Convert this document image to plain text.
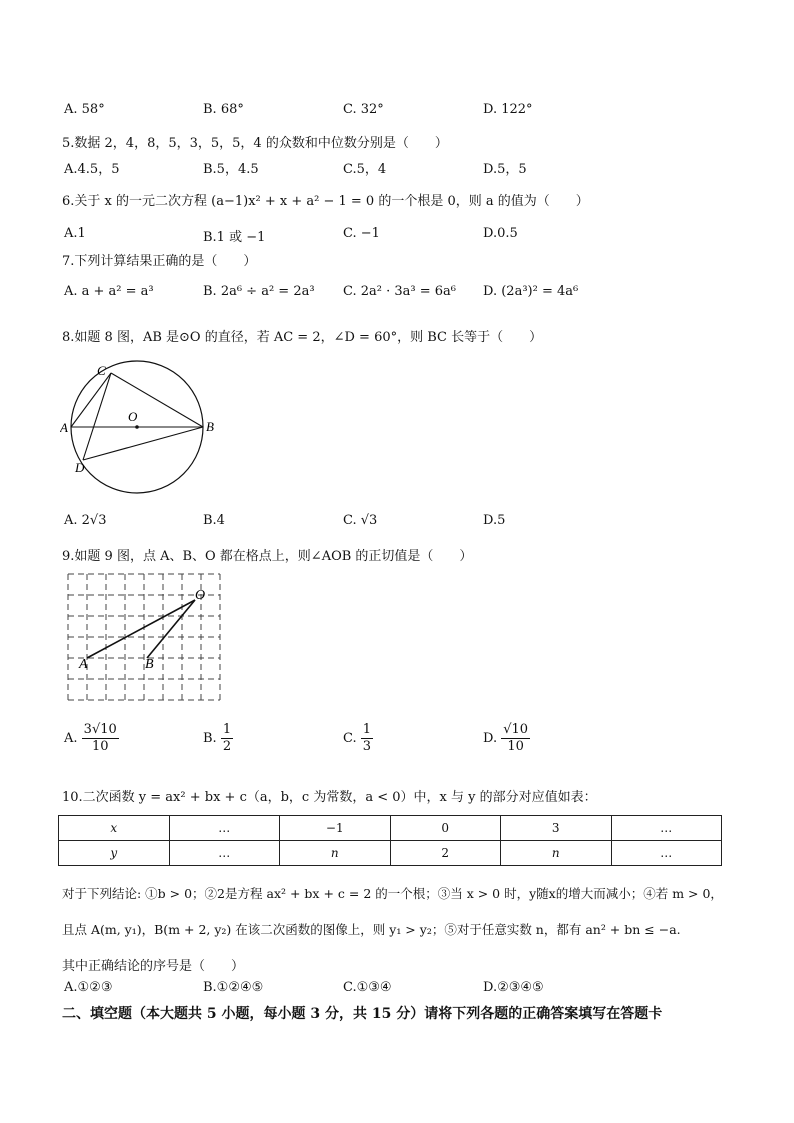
A. 58°	B. 68°	C. 32°	D. 122°
5.数据 2，4，8，5，3，5，5，4 的众数和中位数分别是（　　）
A.4.5，5	B.5，4.5	C.5，4	D.5，5
6.关于 x 的一元二次方程 (a−1)x² + x + a² − 1 = 0 的一个根是 0，则 a 的值为（　　）
A.1	B.1 或 −1	C. −1	D.0.5
7.下列计算结果正确的是（　　）
A. a + a² = a³	B. 2a⁶ ÷ a² = 2a³ C. 2a² · 3a³ = 6a⁶ D. (2a³)² = 4a⁶
8.如题 8 图，AB 是⊙O 的直径，若 AC = 2，∠D = 60°，则 BC 长等于（　　）
C
O
A	B
D
A. 2√3	B.4	C. √3	D.5
9.如题 9 图，点 A、B、O 都在格点上，则∠AOB 的正切值是（　　）
O
A	B
A. $\frac{3√10}{10}$	B. $\frac{1}{2}$	C. $\frac{1}{3}$	D. $\frac{√10}{10}$
10.二次函数 y = ax² + bx + c（a，b，c 为常数，a < 0）中，x 与 y 的部分对应值如表：
x	…	−1	0	3	…
y	…	n	2	n	…
对于下列结论: ①b > 0；②2是方程 ax² + bx + c = 2 的一个根；③当 x > 0 时，y随x的增大而减小；④若 m > 0，
且点 A(m, y₁)，B(m + 2, y₂) 在该二次函数的图像上，则 y₁ > y₂；⑤对于任意实数 n，都有 an² + bn ≤ −a.
其中正确结论的序号是（　　）
A.①②③	B.①②④⑤	C.①③④	D.②③④⑤
二、填空题（本大题共 5 小题，每小题 3 分，共 15 分）请将下列各题的正确答案填写在答题卡
